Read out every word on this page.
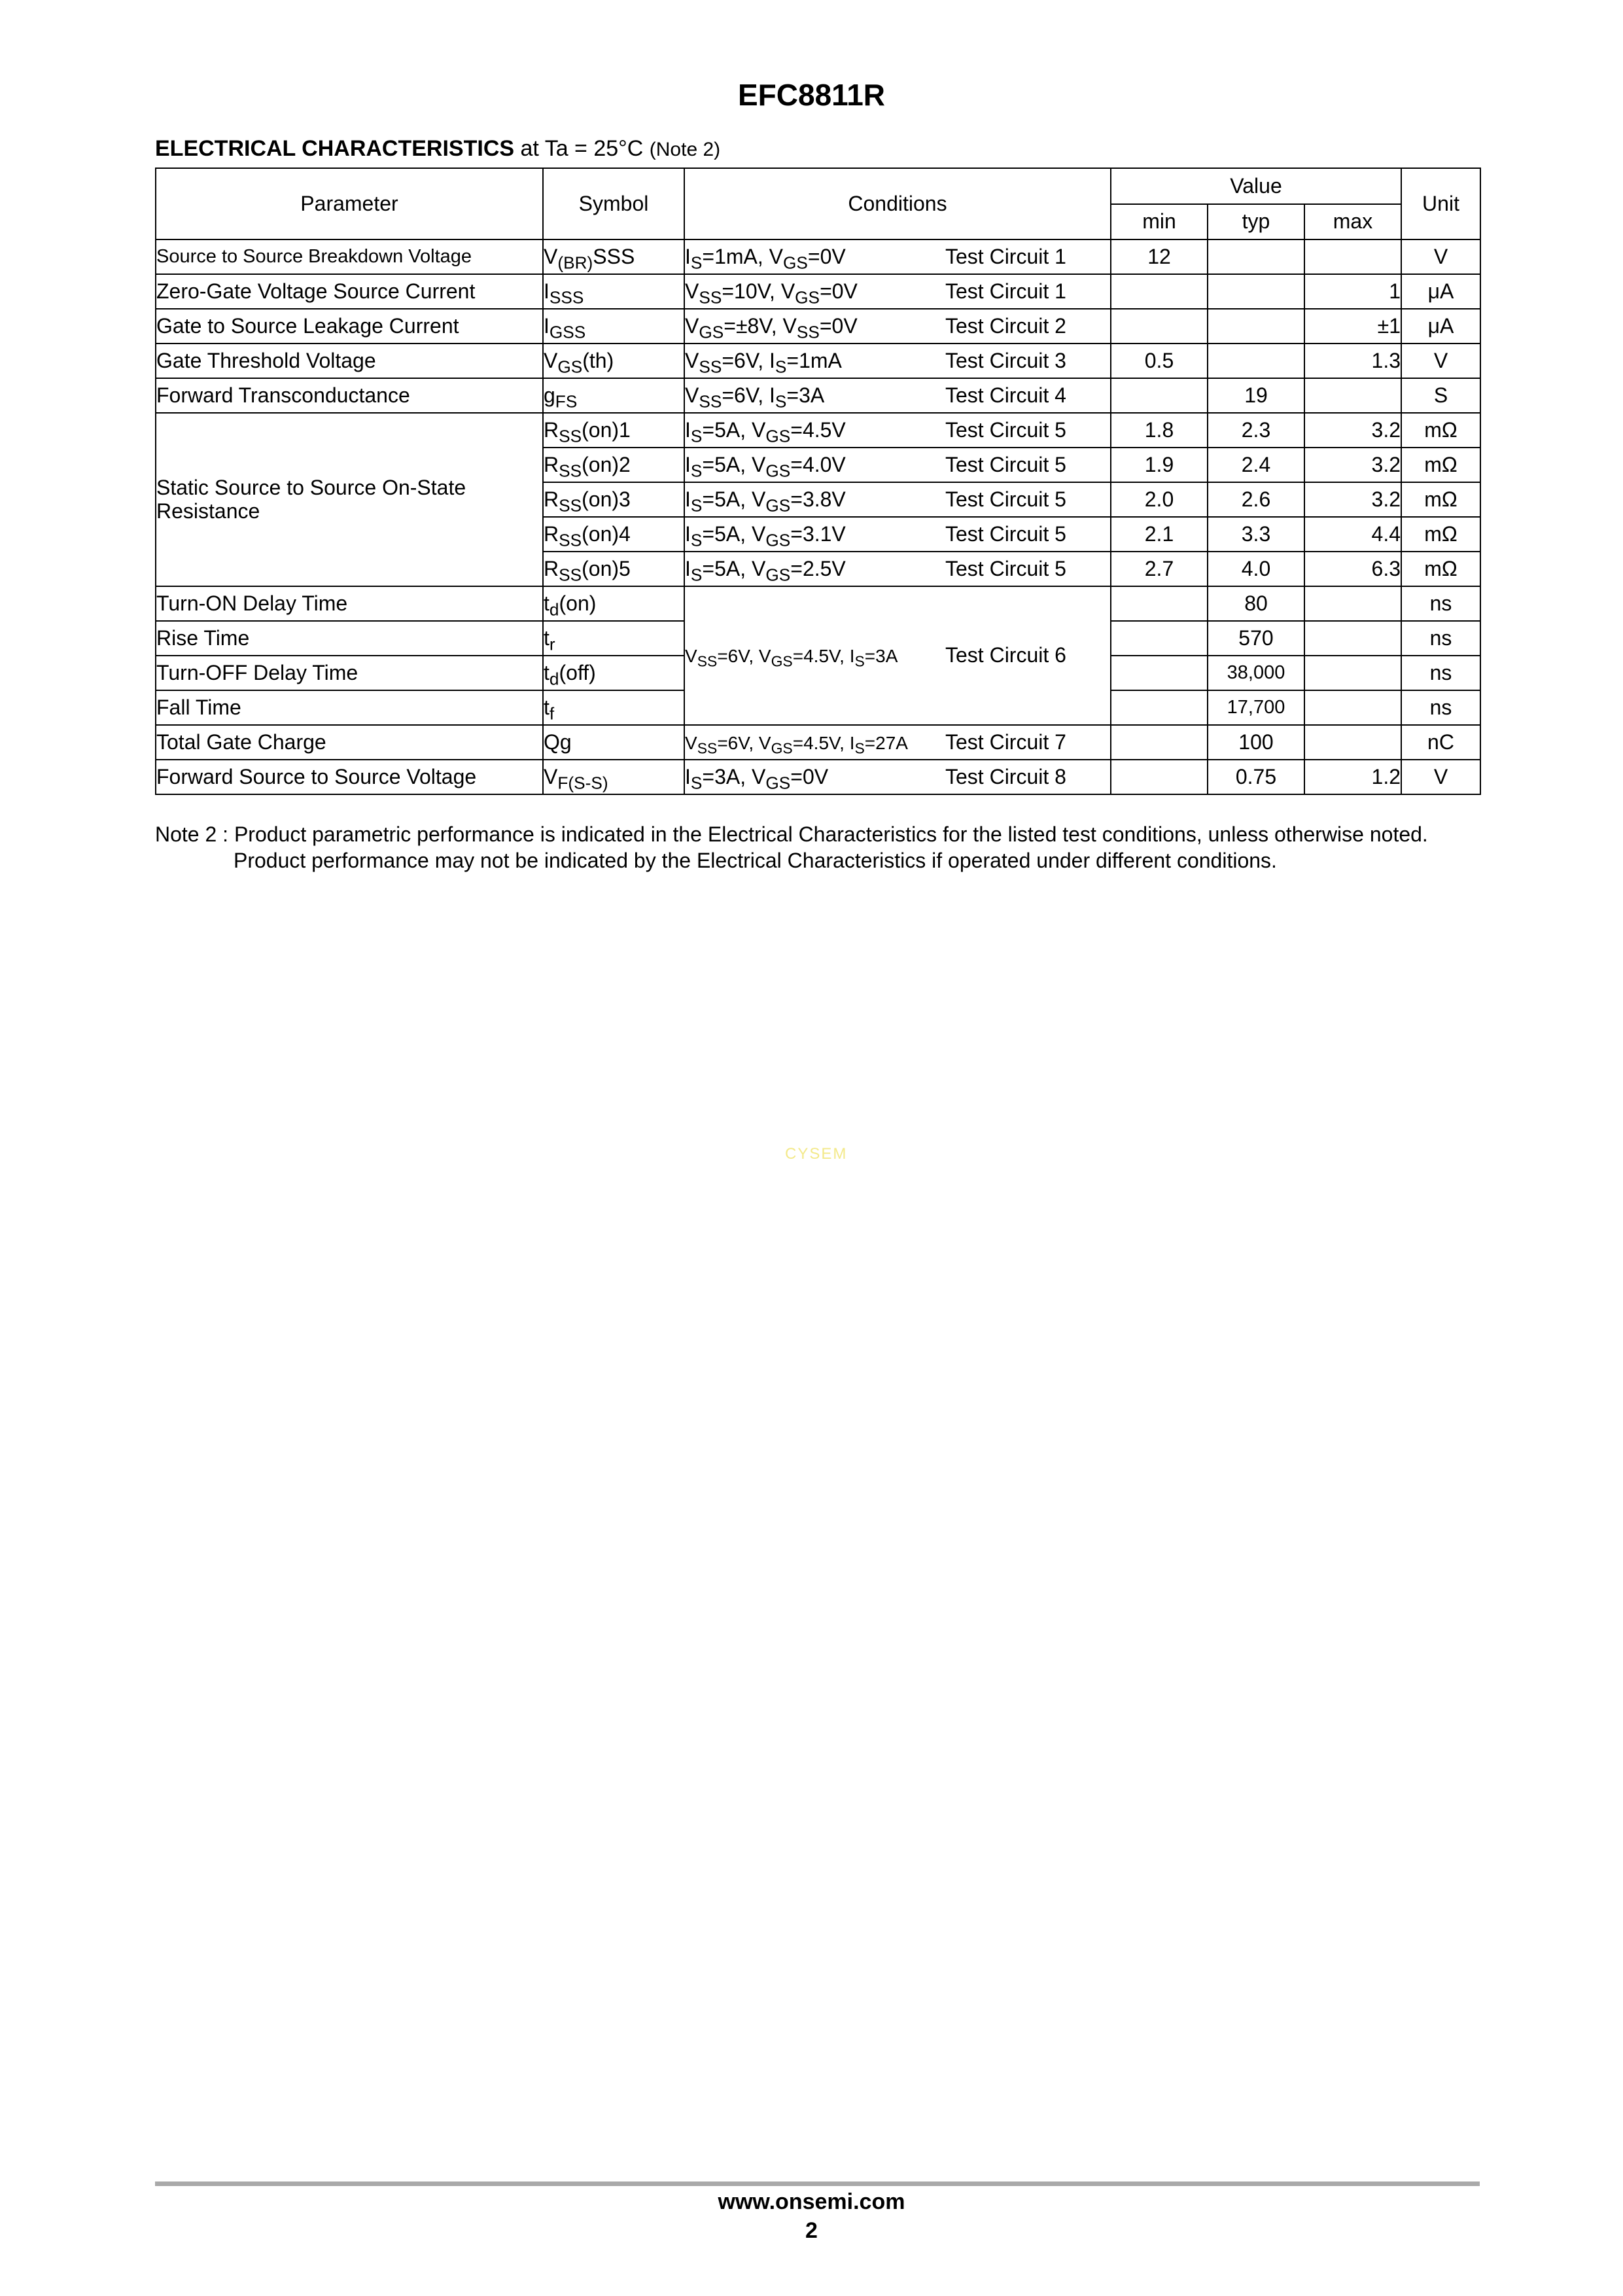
EFC8811R
ELECTRICAL CHARACTERISTICS at Ta = 25°C (Note 2)
Parameter	Symbol	Conditions	Value			Unit
			min	typ	max	
Source to Source Breakdown Voltage	$V_{(BR)}SSS$	$I_S=1mA$, $V_{GS}=0V$ Test Circuit 1	12			V
Zero-Gate Voltage Source Current	$I_{SSS}$	$V_{SS}=10V$, $V_{GS}=0V$ Test Circuit 1			1	μA
Gate to Source Leakage Current	$I_{GSS}$	$V_{GS}=\pm 8V$, $V_{SS}=0V$ Test Circuit 2			±1	μA
Gate Threshold Voltage	$V_{GS}(th)$	$V_{SS}=6V$, $I_S=1mA$ Test Circuit 3	0.5		1.3	V
Forward Transconductance	$g_{FS}$	$V_{SS}=6V$, $I_S=3A$ Test Circuit 4		19		S
Static Source to Source On-State
Resistance	$R_{SS}(on)1$	$I_S=5A$, $V_{GS}=4.5V$ Test Circuit 5	1.8	2.3	3.2	mΩ
	$R_{SS}(on)2$	$I_S=5A$, $V_{GS}=4.0V$ Test Circuit 5	1.9	2.4	3.2	mΩ
	$R_{SS}(on)3$	$I_S=5A$, $V_{GS}=3.8V$ Test Circuit 5	2.0	2.6	3.2	mΩ
	$R_{SS}(on)4$	$I_S=5A$, $V_{GS}=3.1V$ Test Circuit 5	2.1	3.3	4.4	mΩ
	$R_{SS}(on)5$	$I_S=5A$, $V_{GS}=2.5V$ Test Circuit 5	2.7	4.0	6.3	mΩ
Turn-ON Delay Time	$t_d(on)$	$V_{SS}=6V$, $V_{GS}=4.5V$, $I_S=3A$ Test Circuit 6		80		ns
Rise Time	$t_r$			570		ns
Turn-OFF Delay Time	$t_d(off)$			38,000		ns
Fall Time	$t_f$			17,700		ns
Total Gate Charge	Qg	$V_{SS}=6V$, $V_{GS}=4.5V$, $I_S=27A$ Test Circuit 7		100		nC
Forward Source to Source Voltage	$V_{F(S-S)}$	$I_S=3A$, $V_{GS}=0V$ Test Circuit 8		0.75	1.2	V
Note 2 : Product parametric performance is indicated in the Electrical Characteristics for the listed test conditions, unless otherwise noted.
Product performance may not be indicated by the Electrical Characteristics if operated under different conditions.
CYSEM
www.onsemi.com
2
